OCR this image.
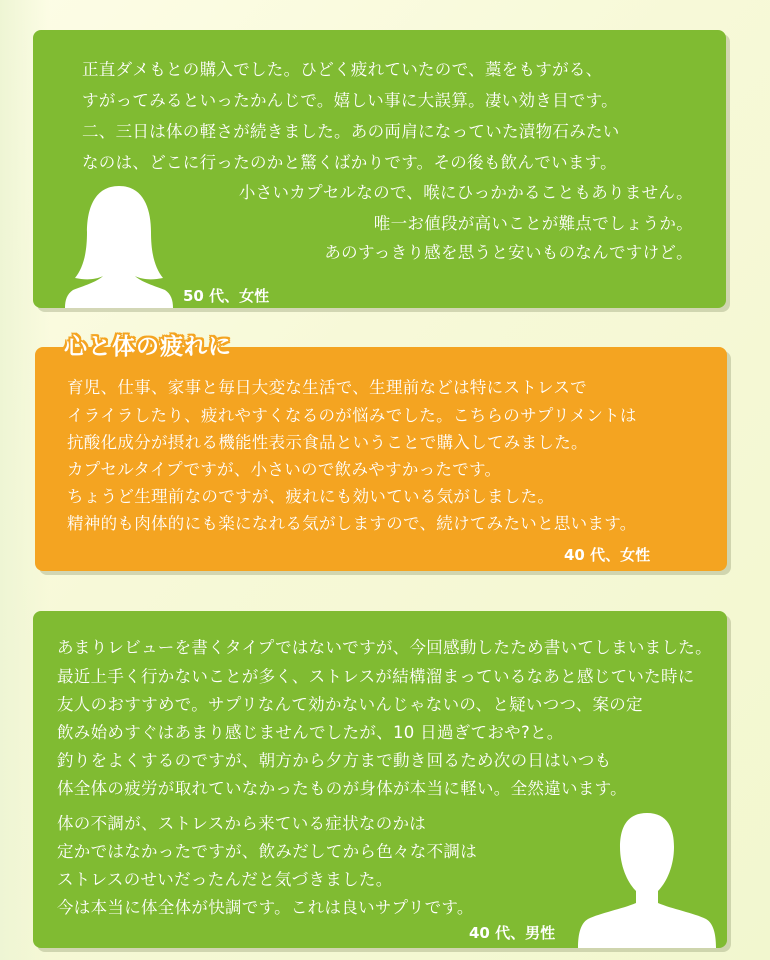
正直ダメもとの購入でした。ひどく疲れていたので、藁をもすがる、
すがってみるといったかんじで。嬉しい事に大誤算。凄い効き目です。
二、三日は体の軽さが続きました。あの両肩になっていた漬物石みたい
なのは、どこに行ったのかと驚くばかりです。その後も飲んでいます。
小さいカプセルなので、喉にひっかかることもありません。
唯一お値段が高いことが難点でしょうか。
あのすっきり感を思うと安いものなんですけど。
50 代、女性
育児、仕事、家事と毎日大変な生活で、生理前などは特にストレスで
イライラしたり、疲れやすくなるのが悩みでした。こちらのサプリメントは
抗酸化成分が摂れる機能性表示食品ということで購入してみました。
カプセルタイプですが、小さいので飲みやすかったです。
ちょうど生理前なのですが、疲れにも効いている気がしました。
精神的も肉体的にも楽になれる気がしますので、続けてみたいと思います。
40 代、女性
心と体の疲れに
あまりレビューを書くタイプではないですが、今回感動したため書いてしまいました。
最近上手く行かないことが多く、ストレスが結構溜まっているなあと感じていた時に
友人のおすすめで。サプリなんて効かないんじゃないの、と疑いつつ、案の定
飲み始めすぐはあまり感じませんでしたが、10 日過ぎておや?と。
釣りをよくするのですが、朝方から夕方まで動き回るため次の日はいつも
体全体の疲労が取れていなかったものが身体が本当に軽い。全然違います。
体の不調が、ストレスから来ている症状なのかは
定かではなかったですが、飲みだしてから色々な不調は
ストレスのせいだったんだと気づきました。
今は本当に体全体が快調です。これは良いサプリです。
40 代、男性
